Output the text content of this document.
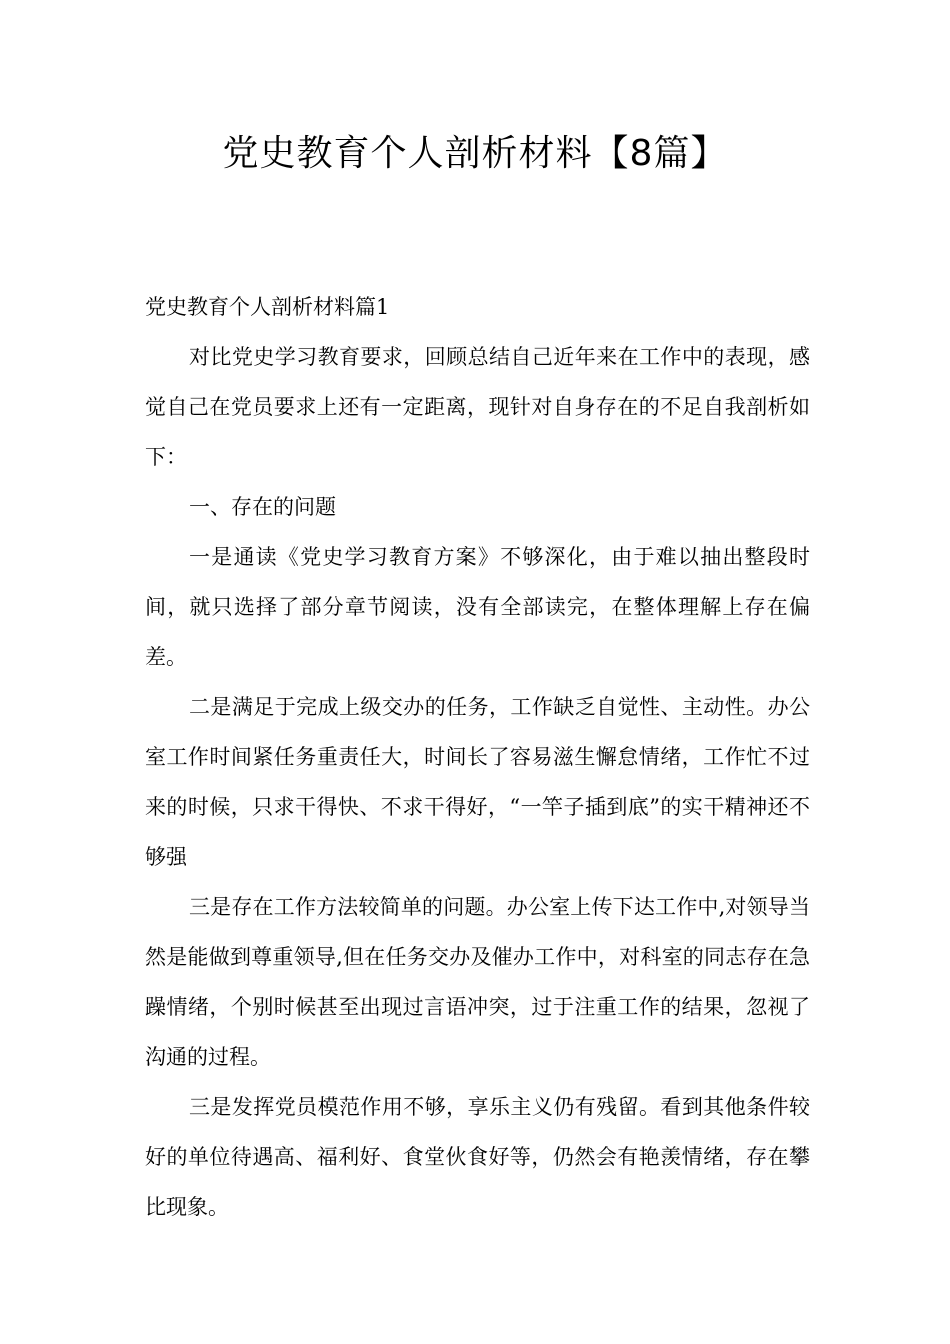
党史教育个人剖析材料【8篇】

党史教育个人剖析材料篇1

对比党史学习教育要求，回顾总结自己近年来在工作中的表现，感觉自己在党员要求上还有一定距离，现针对自身存在的不足自我剖析如下：

一、存在的问题

一是通读《党史学习教育方案》不够深化，由于难以抽出整段时间，就只选择了部分章节阅读，没有全部读完，在整体理解上存在偏差。

二是满足于完成上级交办的任务，工作缺乏自觉性、主动性。办公室工作时间紧任务重责任大，时间长了容易滋生懈怠情绪，工作忙不过来的时候，只求干得快、不求干得好，“一竿子插到底”的实干精神还不够强

三是存在工作方法较简单的问题。办公室上传下达工作中,对领导当然是能做到尊重领导,但在任务交办及催办工作中，对科室的同志存在急躁情绪，个别时候甚至出现过言语冲突，过于注重工作的结果，忽视了沟通的过程。

三是发挥党员模范作用不够，享乐主义仍有残留。看到其他条件较好的单位待遇高、福利好、食堂伙食好等，仍然会有艳羡情绪，存在攀比现象。
